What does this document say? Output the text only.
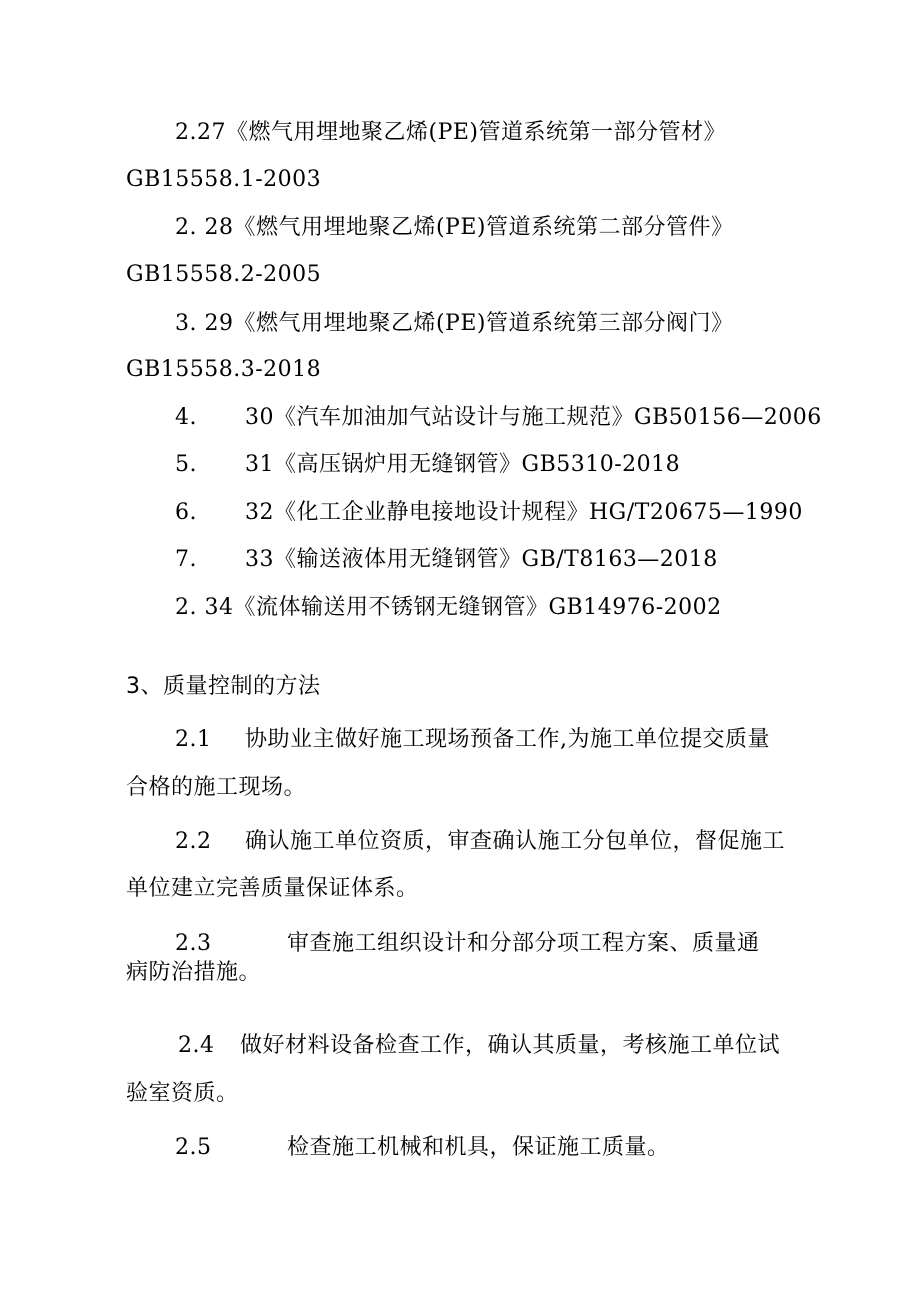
2.27《燃气用埋地聚乙烯(PE)管道系统第一部分管材》
GB15558.1-2003
2. 28《燃气用埋地聚乙烯(PE)管道系统第二部分管件》
GB15558.2-2005
3. 29《燃气用埋地聚乙烯(PE)管道系统第三部分阀门》
GB15558.3-2018
4. 30《汽车加油加气站设计与施工规范》GB50156—2006
5. 31《高压锅炉用无缝钢管》GB5310-2018
6. 32《化工企业静电接地设计规程》HG/T20675—1990
7. 33《输送液体用无缝钢管》GB/T8163—2018
2. 34《流体输送用不锈钢无缝钢管》GB14976-2002
3、质量控制的方法
2.1 协助业主做好施工现场预备工作,为施工单位提交质量
合格的施工现场。
2.2 确认施工单位资质，审查确认施工分包单位，督促施工
单位建立完善质量保证体系。
2.3	审查施工组织设计和分部分项工程方案、质量通
病防治措施。
2.4 做好材料设备检查工作，确认其质量，考核施工单位试
验室资质。
2.5	检查施工机械和机具，保证施工质量。
